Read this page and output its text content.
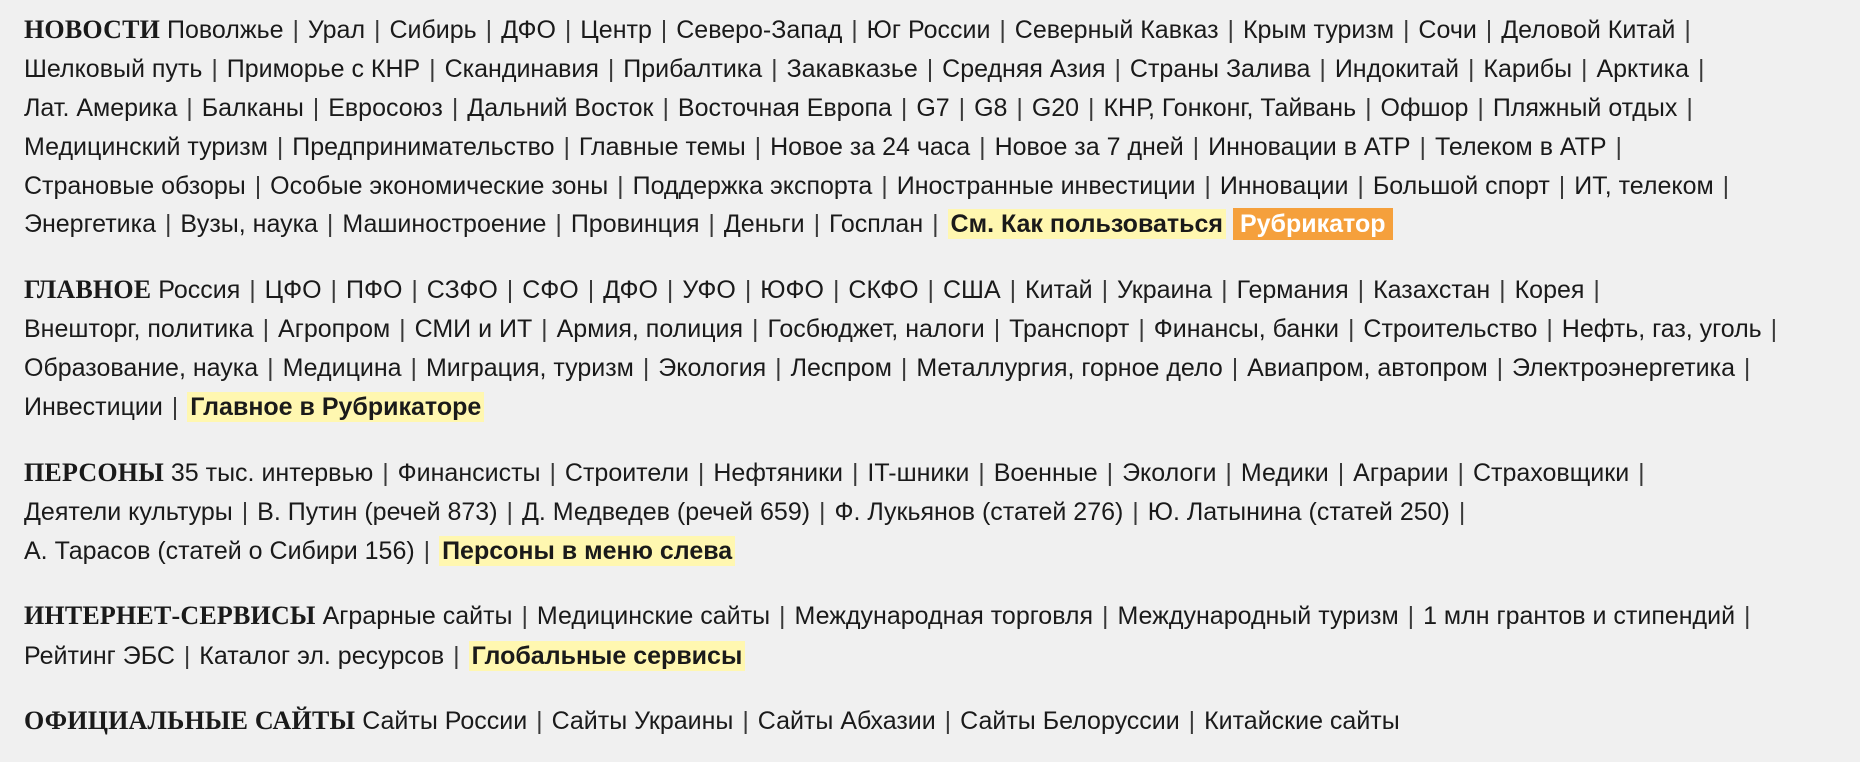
НОВОСТИ Поволжье | Урал | Сибирь | ДФО | Центр | Северо-Запад | Юг России | Северный Кавказ | Крым туризм | Сочи | Деловой Китай | Шелковый путь | Приморье с КНР | Скандинавия | Прибалтика | Закавказье | Средняя Азия | Страны Залива | Индокитай | Карибы | Арктика | Лат. Америка | Балканы | Евросоюз | Дальний Восток | Восточная Европа | G7 | G8 | G20 | КНР, Гонконг, Тайвань | Офшор | Пляжный отдых | Медицинский туризм | Предпринимательство | Главные темы | Новое за 24 часа | Новое за 7 дней | Инновации в АТР | Телеком в АТР | Страновые обзоры | Особые экономические зоны | Поддержка экспорта | Иностранные инвестиции | Инновации | Большой спорт | ИТ, телеком | Энергетика | Вузы, наука | Машиностроение | Провинция | Деньги | Госплан | См. Как пользоваться Рубрикатор
ГЛАВНОЕ Россия | ЦФО | ПФО | СЗФО | СФО | ДФО | УФО | ЮФО | СКФО | США | Китай | Украина | Германия | Казахстан | Корея | Внешторг, политика | Агропром | СМИ и ИТ | Армия, полиция | Госбюджет, налоги | Транспорт | Финансы, банки | Строительство | Нефть, газ, уголь | Образование, наука | Медицина | Миграция, туризм | Экология | Леспром | Металлургия, горное дело | Авиапром, автопром | Электроэнергетика | Инвестиции | Главное в Рубрикаторе
ПЕРСОНЫ 35 тыс. интервью | Финансисты | Строители | Нефтяники | IT-шники | Военные | Экологи | Медики | Аграрии | Страховщики | Деятели культуры | В. Путин (речей 873) | Д. Медведев (речей 659) | Ф. Лукьянов (статей 276) | Ю. Латынина (статей 250) | А. Тарасов (статей о Сибири 156) | Персоны в меню слева
ИНТЕРНЕТ-СЕРВИСЫ Аграрные сайты | Медицинские сайты | Международная торговля | Международный туризм | 1 млн грантов и стипендий | Рейтинг ЭБС | Каталог эл. ресурсов | Глобальные сервисы
ОФИЦИАЛЬНЫЕ САЙТЫ Сайты России | Сайты Украины | Сайты Абхазии | Сайты Белоруссии | Китайские сайты
